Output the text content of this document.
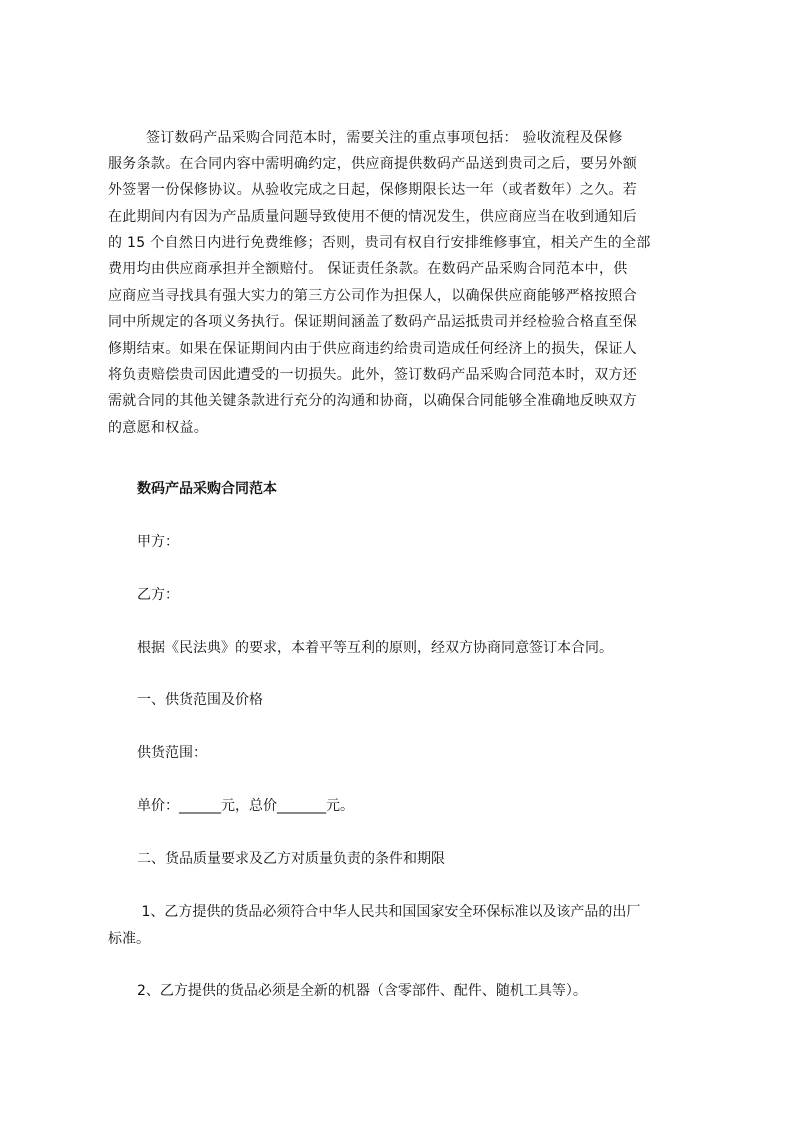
签订数码产品采购合同范本时，需要关注的重点事项包括： 验收流程及保修
服务条款。在合同内容中需明确约定，供应商提供数码产品送到贵司之后，要另外额
外签署一份保修协议。从验收完成之日起，保修期限长达一年（或者数年）之久。若
在此期间内有因为产品质量问题导致使用不便的情况发生，供应商应当在收到通知后
的 15 个自然日内进行免费维修；否则，贵司有权自行安排维修事宜，相关产生的全部
费用均由供应商承担并全额赔付。 保证责任条款。在数码产品采购合同范本中，供
应商应当寻找具有强大实力的第三方公司作为担保人，以确保供应商能够严格按照合
同中所规定的各项义务执行。保证期间涵盖了数码产品运抵贵司并经检验合格直至保
修期结束。如果在保证期间内由于供应商违约给贵司造成任何经济上的损失，保证人
将负责赔偿贵司因此遭受的一切损失。此外，签订数码产品采购合同范本时，双方还
需就合同的其他关键条款进行充分的沟通和协商，以确保合同能够全准确地反映双方
的意愿和权益。
数码产品采购合同范本
甲方：
乙方：
根据《民法典》的要求，本着平等互利的原则，经双方协商同意签订本合同。
一、供货范围及价格
供货范围：
单价：______元，总价_______元。
二、货品质量要求及乙方对质量负责的条件和期限
1、乙方提供的货品必须符合中华人民共和国国家安全环保标准以及该产品的出厂
标准。
2、乙方提供的货品必须是全新的机器（含零部件、配件、随机工具等）。
